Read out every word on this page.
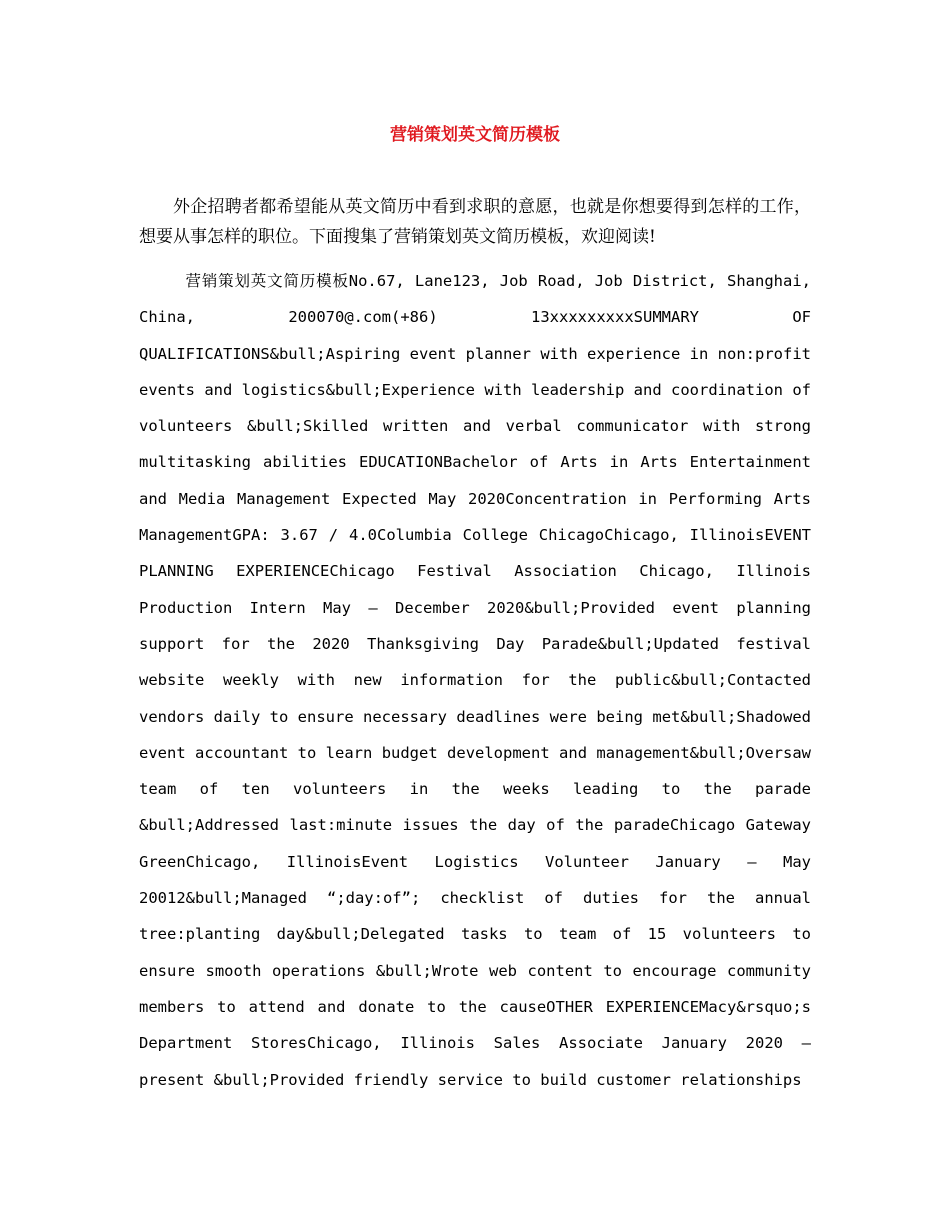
营销策划英文简历模板
外企招聘者都希望能从英文简历中看到求职的意愿，也就是你想要得到怎样的工作，想要从事怎样的职位。下面搜集了营销策划英文简历模板，欢迎阅读!
营销策划英文简历模板No.67, Lane123, Job Road, Job District, Shanghai, China, 200070@.com(+86) 13xxxxxxxxxSUMMARY OF QUALIFICATIONS&bull;Aspiring event planner with experience in non:profit events and logistics&bull;Experience with leadership and coordination of volunteers &bull;Skilled written and verbal communicator with strong multitasking abilities EDUCATIONBachelor of Arts in Arts Entertainment and Media Management Expected May 2020Concentration in Performing Arts ManagementGPA: 3.67 / 4.0Columbia College ChicagoChicago, IllinoisEVENT PLANNING EXPERIENCEChicago Festival Association Chicago, Illinois Production Intern May – December 2020&bull;Provided event planning support for the 2020 Thanksgiving Day Parade&bull;Updated festival website weekly with new information for the public&bull;Contacted vendors daily to ensure necessary deadlines were being met&bull;Shadowed event accountant to learn budget development and management&bull;Oversaw team of ten volunteers in the weeks leading to the parade &bull;Addressed last:minute issues the day of the paradeChicago Gateway GreenChicago, IllinoisEvent Logistics Volunteer January – May 20012&bull;Managed “;day:of”; checklist of duties for the annual tree:planting day&bull;Delegated tasks to team of 15 volunteers to ensure smooth operations &bull;Wrote web content to encourage community members to attend and donate to the causeOTHER EXPERIENCEMacy&rsquo;s Department StoresChicago, Illinois Sales Associate January 2020 – present &bull;Provided friendly service to build customer relationships
